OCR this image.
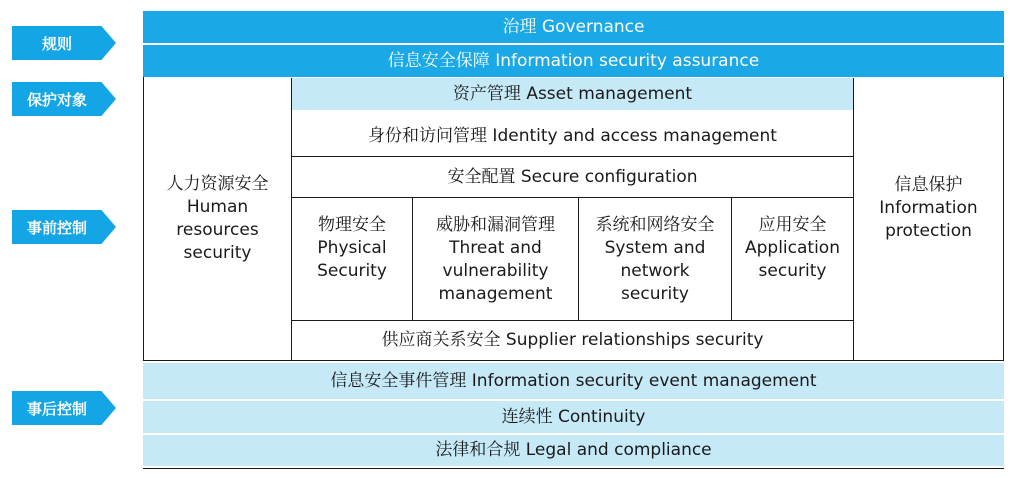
规则
保护对象
事前控制
事后控制
治理 Governance
信息安全保障 Information security assurance
人力资源安全
Human
resources
security
信息保护
Information
protection
资产管理 Asset management
身份和访问管理 Identity and access management
安全配置 Secure configuration
物理安全
Physical
Security
威胁和漏洞管理
Threat and
vulnerability
management
系统和网络安全
System and
network
security
应用安全
Application
security
供应商关系安全 Supplier relationships security
信息安全事件管理 Information security event management
连续性 Continuity
法律和合规 Legal and compliance
